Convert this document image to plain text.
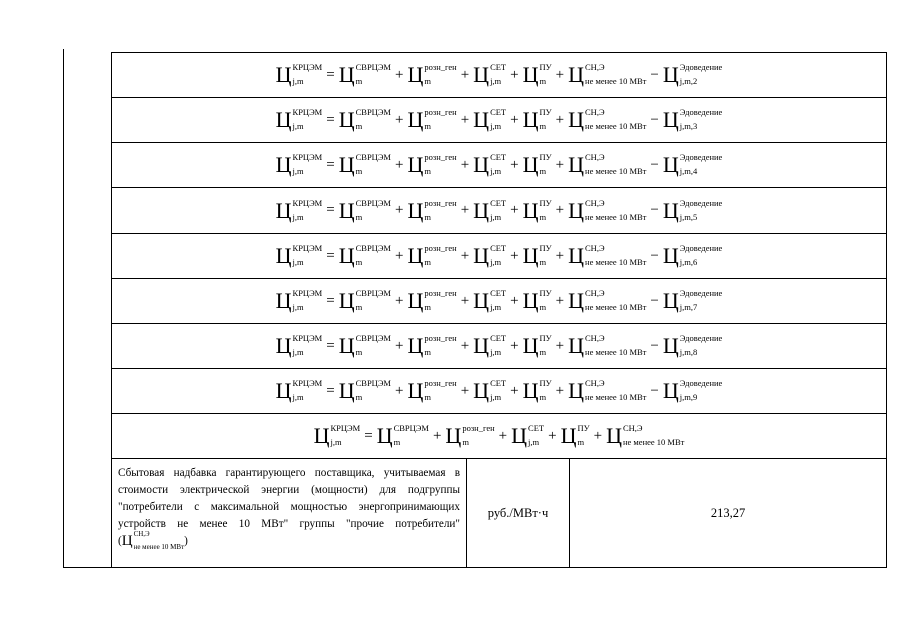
Ц КРЦЭМ
j,m	= Ц СВРЦЭМ
m	+ Ц розн_ген
m	+ Ц СЕТ
j,m + Ц ПУ
m + Ц СН,Э
не менее 10 МВт − Ц Эдоведение
j,m,2
Ц КРЦЭМ
j,m	= Ц СВРЦЭМ
m	+ Ц розн_ген
m	+ Ц СЕТ
j,m + Ц ПУ
m + Ц СН,Э
не менее 10 МВт − Ц Эдоведение
j,m,3
Ц КРЦЭМ
j,m	= Ц СВРЦЭМ
m	+ Ц розн_ген
m	+ Ц СЕТ
j,m + Ц ПУ
m + Ц СН,Э
не менее 10 МВт − Ц Эдоведение
j,m,4
Ц КРЦЭМ
j,m	= Ц СВРЦЭМ
m	+ Ц розн_ген
m	+ Ц СЕТ
j,m + Ц ПУ
m + Ц СН,Э
не менее 10 МВт − Ц Эдоведение
j,m,5
Ц КРЦЭМ
j,m	= Ц СВРЦЭМ
m	+ Ц розн_ген
m	+ Ц СЕТ
j,m + Ц ПУ
m + Ц СН,Э
не менее 10 МВт − Ц Эдоведение
j,m,6
Ц КРЦЭМ
j,m	= Ц СВРЦЭМ
m	+ Ц розн_ген
m	+ Ц СЕТ
j,m + Ц ПУ
m + Ц СН,Э
не менее 10 МВт − Ц Эдоведение
j,m,7
Ц КРЦЭМ
j,m	= Ц СВРЦЭМ
m	+ Ц розн_ген
m	+ Ц СЕТ
j,m + Ц ПУ
m + Ц СН,Э
не менее 10 МВт − Ц Эдоведение
j,m,8
Ц КРЦЭМ
j,m	= Ц СВРЦЭМ
m	+ Ц розн_ген
m	+ Ц СЕТ
j,m + Ц ПУ
m + Ц СН,Э
не менее 10 МВт − Ц Эдоведение
j,m,9
Ц КРЦЭМ
j,m	= Ц СВРЦЭМ
m	+ Ц розн_ген
m	+ Ц СЕТ
j,m + Ц ПУ
m + Ц СН,Э
не менее 10 МВт
Сбытовая надбавка гарантирующего поставщика, учитываемая в стоимости электрической энергии (мощности) для подгруппы "потребители с максимальной мощностью энергопринимающих устройств не менее 10 МВт" группы "прочие потребители"
( Ц СН,Э
не менее 10 МВт )
руб./МВт·ч	213,27
